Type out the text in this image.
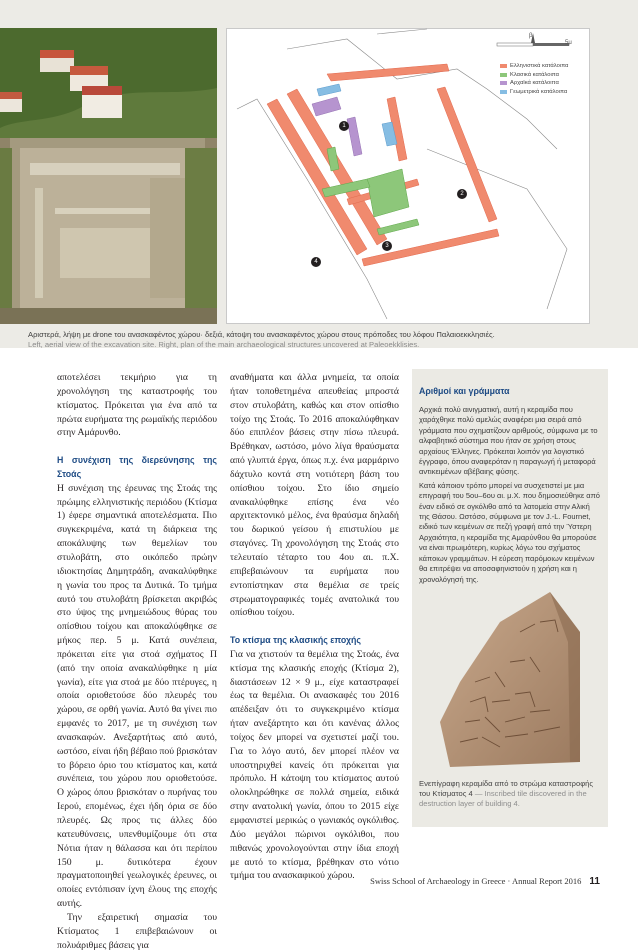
β
5μ
1
2
3
4
Ελληνιστικά κατάλοιπα
Κλασικά κατάλοιπα
Αρχαϊκά κατάλοιπα
Γεωμετρικά κατάλοιπα
Αριστερά, λήψη με drone του ανασκαφέντος χώρου· δεξιά, κάτοψη του ανασκαφέντος χώρου στους πρόποδες του λόφου Παλαιοεκκλησιές.
Left, aerial view of the excavation site. Right, plan of the main archaeological structures uncovered at Paleoekklisies.

αποτελέσει τεκμήριο για τη χρονολόγηση της καταστροφής του κτίσματος. Πρόκειται για ένα από τα πρώτα ευρήματα της ρωμαϊκής περιόδου στην Αμάρυνθο.

Η συνέχιση της διερεύνησης της Στοάς

Η συνέχιση της έρευνας της Στοάς της πρώιμης ελληνιστικής περιόδου (Κτίσμα 1) έφερε σημαντικά αποτελέσματα. Πιο συγκεκριμένα, κατά τη διάρκεια της αποκάλυψης των θεμελίων του στυλοβάτη, στο οικόπεδο πρώην ιδιοκτησίας Δημητράδη, ανακαλύφθηκε η γωνία του προς τα Δυτικά. Το τμήμα αυτό του στυλοβάτη βρίσκεται ακριβώς στο ύψος της μνημειώδους θύρας του οπίσθιου τοίχου και αποκαλύφθηκε σε μήκος περ. 5 μ. Κατά συνέπεια, πρόκειται είτε για στοά σχήματος Π (από την οποία ανακαλύφθηκε η μία γωνία), είτε για στοά με δύο πτέρυγες, η οποία οριοθετούσε δύο πλευρές του χώρου, σε ορθή γωνία. Αυτό θα γίνει πιο εμφανές το 2017, με τη συνέχιση των ανασκαφών. Ανεξαρτήτως από αυτό, ωστόσο, είναι ήδη βέβαιο πού βρισκόταν το βόρειο όριο του κτίσματος και, κατά συνέπεια, του χώρου που οριοθετούσε. Ο χώρος όπου βρισκόταν ο πυρήνας του Ιερού, επομένως, έχει ήδη όρια σε δύο πλευρές. Ως προς τις άλλες δύο κατευθύνσεις, υπενθυμίζουμε ότι στα Νότια ήταν η θάλασσα και ότι περίπου 150 μ. δυτικότερα έχουν πραγματοποιηθεί γεωλογικές έρευνες, οι οποίες εντόπισαν ίχνη έλους της εποχής αυτής.

Την εξαιρετική σημασία του Κτίσματος 1 επιβεβαιώνουν οι πολυάριθμες βάσεις για

αναθήματα και άλλα μνημεία, τα οποία ήταν τοποθετημένα απευθείας μπροστά στον στυλοβάτη, καθώς και στον οπίσθιο τοίχο της Στοάς. Το 2016 αποκαλύφθηκαν δύο επιπλέον βάσεις στην πίσω πλευρά. Βρέθηκαν, ωστόσο, μόνο λίγα θραύσματα από γλυπτά έργα, όπως π.χ. ένα μαρμάρινο δάχτυλο κοντά στη νοτιότερη βάση του οπίσθιου τοίχου. Στο ίδιο σημείο ανακαλύφθηκε επίσης ένα νέο αρχιτεκτονικό μέλος, ένα θραύσμα δηλαδή του δωρικού γείσου ή επιστυλίου με σταγόνες. Τη χρονολόγηση της Στοάς στο τελευταίο τέταρτο του 4ου αι. π.Χ. επιβεβαιώνουν τα ευρήματα που εντοπίστηκαν στα θεμέλια σε τρείς στρωματογραφικές τομές ανατολικά του οπίσθιου τοίχου.

Το κτίσμα της κλασικής εποχής

Για να χτιστούν τα θεμέλια της Στοάς, ένα κτίσμα της κλασικής εποχής (Κτίσμα 2), διαστάσεων 12 × 9 μ., είχε καταστραφεί έως τα θεμέλια. Οι ανασκαφές του 2016 απέδειξαν ότι το συγκεκριμένο κτίσμα ήταν ανεξάρτητο και ότι κανένας άλλος τοίχος δεν μπορεί να σχετιστεί μαζί του. Για το λόγο αυτό, δεν μπορεί πλέον να υποστηριχθεί κανείς ότι πρόκειται για πρόπυλο. Η κάτοψη του κτίσματος αυτού ολοκληρώθηκε σε πολλά σημεία, ειδικά στην ανατολική γωνία, όπου το 2015 είχε εμφανιστεί μερικώς ο γωνιακός ογκόλιθος. Δύο μεγάλοι πώρινοι ογκόλιθοι, που πιθανώς χρονολογούνται στην ίδια εποχή με αυτό το κτίσμα, βρέθηκαν στο νότιο τμήμα του ανασκαφικού χώρου.

Αριθμοί και γράμματα

Αρχικά πολύ αινιγματική, αυτή η κεραμίδα που χαράχθηκε πολύ αμελώς αναφέρει μια σειρά από γράμματα που σχηματίζουν αριθμούς, σύμφωνα με το αλφαβητικό σύστημα που ήταν σε χρήση στους αρχαίους Έλληνες. Πρόκειται λοιπόν για λογιστικό έγγραφο, όπου αναφερόταν η παραγωγή ή μεταφορά αντικειμένων αβέβαιης φύσης.

Κατά κάποιον τρόπο μπορεί να συσχετιστεί με μια επιγραφή του 5ου–6ου αι. μ.Χ. που δημοσιεύθηκε από έναν ειδικό σε ογκόλιθο από τα λατομεία στην Αλική της Θάσου. Ωστόσο, σύμφωνα με τον J.-L. Fournet, ειδικό των κειμένων σε πεζή γραφή από την Ύστερη Αρχαιότητα, η κεραμίδα της Αμαρύνθου θα μπορούσε να είναι πρωιμότερη, κυρίως λόγω του σχήματος κάποιων γραμμάτων. Η εύρεση παρόμοιων κειμένων θα επιτρέψει να αποσαφηνιστούν η χρήση και η χρονολόγησή της.

Ενεπίγραφη κεραμίδα από το στρώμα καταστροφής του Κτίσματος 4 — Inscribed tile discovered in the destruction layer of building 4.
Swiss School of Archaeology in Greece · Annual Report 2016 11
